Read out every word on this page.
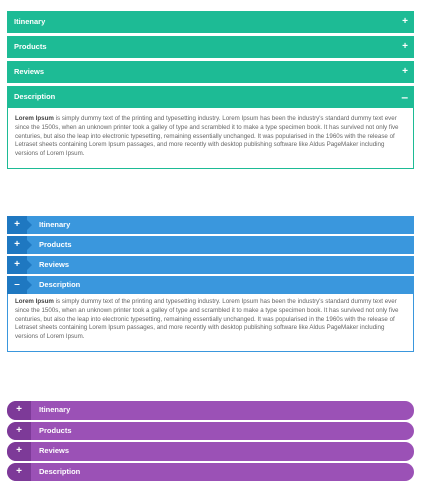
Itinenary	+
Products	+
Reviews	+
Description	–

Lorem Ipsum is simply dummy text of the printing and typesetting industry. Lorem Ipsum has been the industry's standard dummy text ever since the 1500s, when an unknown printer took a galley of type and scrambled it to make a type specimen book. It has survived not only five centuries, but also the leap into electronic typesetting, remaining essentially unchanged. It was popularised in the 1960s with the release of Letraset sheets containing Lorem Ipsum passages, and more recently with desktop publishing software like Aldus PageMaker including versions of Lorem Ipsum.

+	Itinenary
+	Products
+	Reviews
–	Description

Lorem Ipsum is simply dummy text of the printing and typesetting industry. Lorem Ipsum has been the industry's standard dummy text ever since the 1500s, when an unknown printer took a galley of type and scrambled it to make a type specimen book. It has survived not only five centuries, but also the leap into electronic typesetting, remaining essentially unchanged. It was popularised in the 1960s with the release of Letraset sheets containing Lorem Ipsum passages, and more recently with desktop publishing software like Aldus PageMaker including versions of Lorem Ipsum.

+	Itinenary
+	Products
+	Reviews
+	Description
